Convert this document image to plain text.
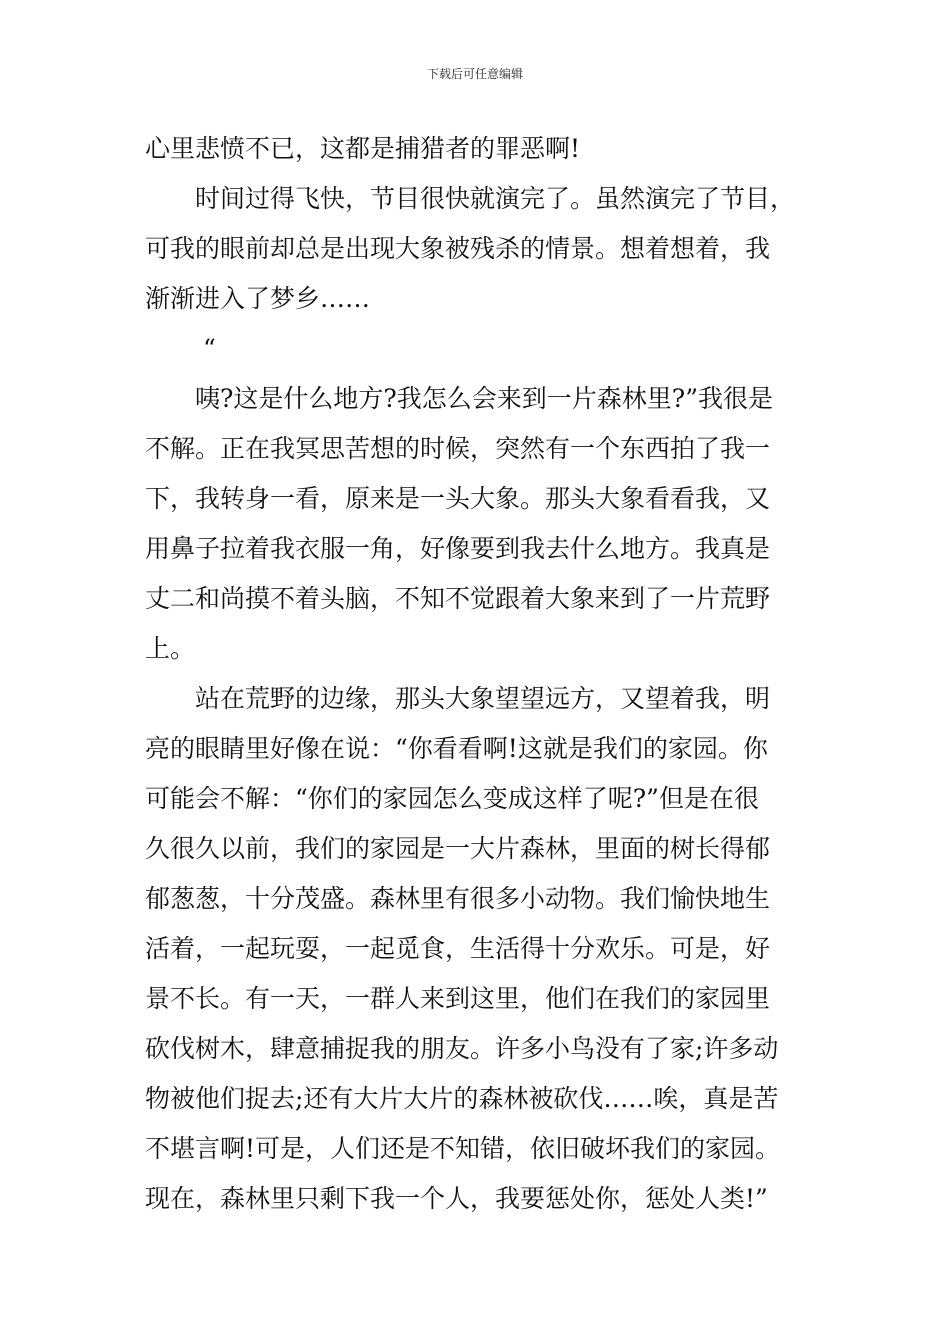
下载后可任意编辑
心里悲愤不已，这都是捕猎者的罪恶啊!
时间过得飞快，节目很快就演完了。虽然演完了节目，
可我的眼前却总是出现大象被残杀的情景。想着想着，我
渐渐进入了梦乡……
“
咦?这是什么地方?我怎么会来到一片森林里?”我很是
不解。正在我冥思苦想的时候，突然有一个东西拍了我一
下，我转身一看，原来是一头大象。那头大象看看我，又
用鼻子拉着我衣服一角，好像要到我去什么地方。我真是
丈二和尚摸不着头脑，不知不觉跟着大象来到了一片荒野
上。
站在荒野的边缘，那头大象望望远方，又望着我，明
亮的眼睛里好像在说：“你看看啊!这就是我们的家园。你
可能会不解：“你们的家园怎么变成这样了呢?”但是在很
久很久以前，我们的家园是一大片森林，里面的树长得郁
郁葱葱，十分茂盛。森林里有很多小动物。我们愉快地生
活着，一起玩耍，一起觅食，生活得十分欢乐。可是，好
景不长。有一天，一群人来到这里，他们在我们的家园里
砍伐树木，肆意捕捉我的朋友。许多小鸟没有了家;许多动
物被他们捉去;还有大片大片的森林被砍伐……唉，真是苦
不堪言啊!可是，人们还是不知错，依旧破坏我们的家园。
现在，森林里只剩下我一个人，我要惩处你，惩处人类!”
